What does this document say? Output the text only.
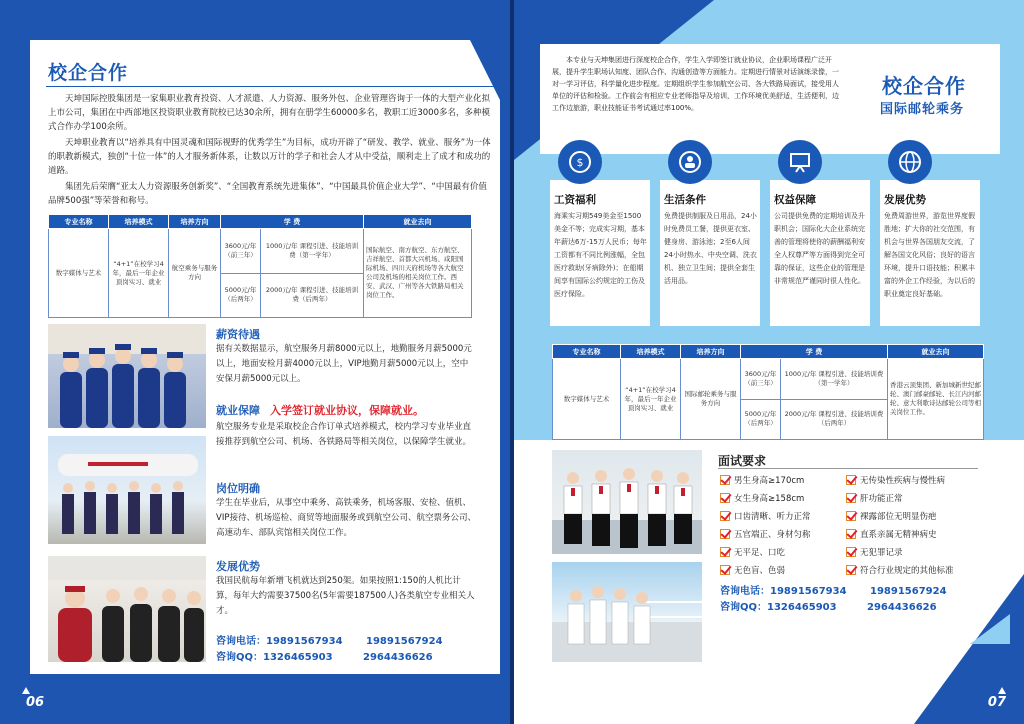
校企合作

天坤国际控股集团是一家集职业教育投资、人才派遣、人力资源、服务外包、企业管理咨询于一体的大型产业化拟上市公司，集团在中西部地区投资职业教育院校已达30余所，拥有在册学生60000多名，教职工近3000多名，多种模式合作办学100余所。

天坤职业教育以“培养具有中国灵魂和国际视野的优秀学生”为目标，成功开辟了“研发、教学、就业、服务”为一体的职教新模式，独创“十位一体”的人才服务新体系，让数以万计的学子和社会人才从中受益，顺利走上了成才和成功的道路。

集团先后荣膺“亚太人力资源服务创新奖”、“全国教育系统先进集体”、“中国最具价值企业大学”、“中国最有价值品牌500强”等荣誉和称号。

专业名称	培养模式	培养方向	学 费		就业去向
数字媒体与艺术	“4+1”在校学习4年，最后一年企业顶岗实习、就业	航空乘务与服务方向	3600元/年（前三年）	1000元/年 课程引进、技能培训费（第一学年）	国际航空、南方航空、东方航空、吉祥航空、首都大兴机场、咸阳国际机场、四川天府机场等各大航空公司及机场的相关岗位工作。西安、武汉、广州等各大铁路局相关岗位工作。
			5000元/年（后两年）	2000元/年 课程引进、技能培训费（后两年）	
薪资待遇
据有关数据显示，航空服务月薪8000元以上，地勤服务月薪5000元以上，地面安检月薪4000元以上，VIP地勤月薪5000元以上，空中安保月薪5000元以上。
就业保障 入学签订就业协议，保障就业。
航空服务专业是采取校企合作订单式培养模式，校内学习专业毕业直接推荐到航空公司、机场、各铁路局等相关岗位，以保障学生就业。
岗位明确
学生在毕业后，从事空中乘务、高铁乘务，机场客服、安检、值机、VIP接待、机场巡检、商贸等地面服务或到航空公司、航空票务公司、高速动车、部队宾馆相关岗位工作。
发展优势
我国民航每年新增飞机就达到250架。如果按照1:150的人机比计算，每年大约需要37500名(5年需要187500人)各类航空专业相关人才。
咨询电话：19891567934 19891567924
咨询QQ：1326465903	2964436626
06

本专业与天坤集团进行深度校企合作，学生入学即签订就业协议，企业职场课程广泛开展，提升学生职场认知度、团队合作、沟通创造等方面能力。定期进行情景对话演练录像，一对一学习评估，科学量化进步程度。定期组织学生参加航空公司、各大铁路局面试，接受用人单位的评估和检验。工作前会有相应专业老师指导及培训，工作环境优美舒适，生活便利，边工作边旅游，职业技能证书考试通过率100%。

校企合作
国际邮轮乘务
$
工资福利
海乘实习期549美金至1500美金不等；完成实习期，基本年薪达6万-15万人民币；每年工资都有不同比例涨幅，全包医疗救助(牙病除外)；在船期间享有国际公约规定的工伤及医疗保险。
生活条件
免费提供制服及日用品，24小时免费员工餐，提供更衣室、健身房、游泳池；2至6人间24小时热水、中央空调、洗衣机、独立卫生间；提供全套生活用品。
权益保障
公司提供免费的定期培训及升职机会；国际化大企业系统完善的管理将使你的薪酬福利安全人权尊严等方面得到完全可靠的保证，这些企业的管理是非常规范严谨同时很人性化。
发展优势
免费周游世界，游览世界度假胜地；扩大你的社交范围，有机会与世界各国朋友交流，了解各国文化风俗；良好的语言环境，提升口语技能；积累丰富的外企工作经验，为以后的职业奠定良好基础。
专业名称	培养模式	培养方向	学 费		就业去向
数字媒体与艺术	“4+1”在校学习4年，最后一年企业顶岗实习、就业	国际邮轮乘务与服务方向	3600元/年（前三年）	1000元/年 课程引进、技能培训费（第一学年）	香港云顶集团、新加城新世纪邮轮、澳门邮豪邮轮、长江内河邮轮、意大利歌诗达邮轮公司等相关岗位工作。
			5000元/年（后两年）	2000元/年 课程引进、技能培训费（后两年）	
面试要求
男生身高≥170cm
女生身高≥158cm
口齿清晰、听力正常
五官端正、身材匀称
无平足、口吃
无色盲、色弱
无传染性疾病与慢性病
肝功能正常
裸露部位无明显伤疤
直系亲属无精神病史
无犯罪记录
符合行业规定的其他标准
咨询电话：19891567934 19891567924
咨询QQ：1326465903	2964436626
07
